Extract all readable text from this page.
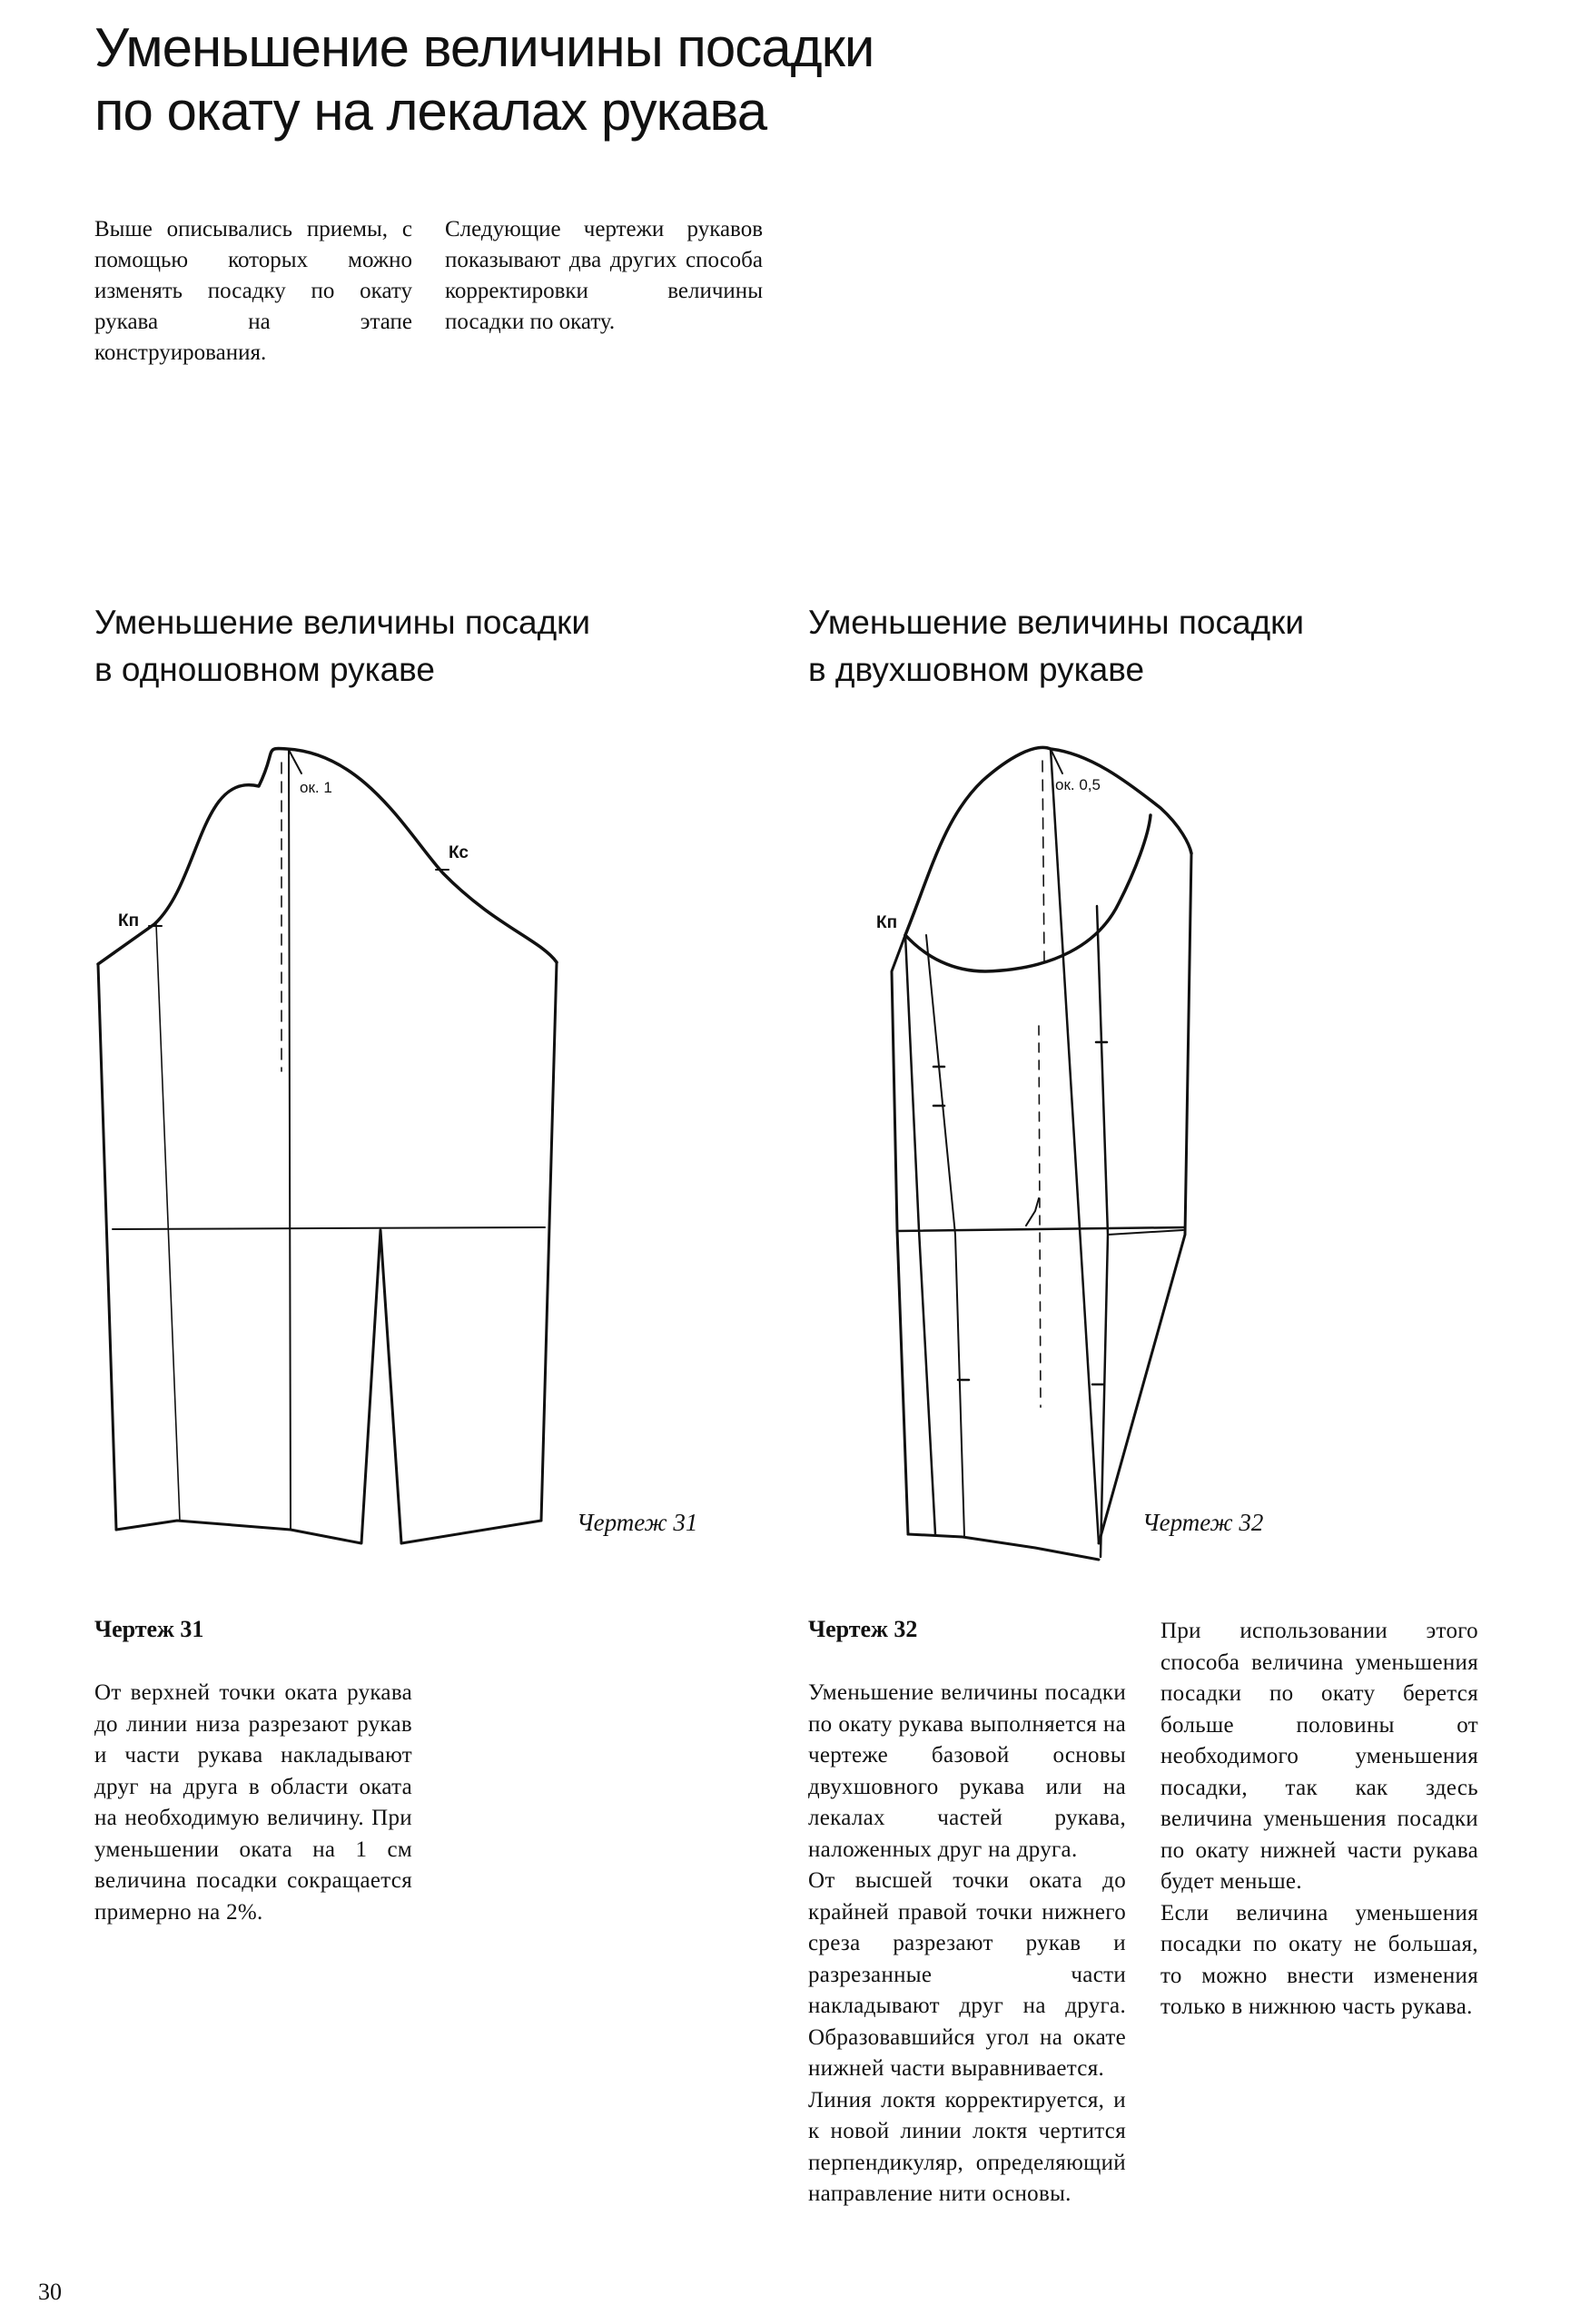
Уменьшение величины посадки
по окату на лекалах рукава
Выше описывались приемы, с помощью которых можно изменять посадку по окату рукава на этапе конструирования.
Следующие чертежи рукавов показывают два других способа корректировки величины посадки по окату.
Уменьшение величины посадки
в одношовном рукаве
Уменьшение величины посадки
в двухшовном рукаве
ок. 1
Кп
Кс
Чертеж 31
ок. 0,5
Кп
Чертеж 32
Чертеж 31
От верхней точки оката рукава до линии низа разрезают рукав и части рукава накладывают друг на друга в области оката на необходимую величину. При уменьшении оката на 1 см величина посадки сокращается примерно на 2%.
Чертеж 32

Уменьшение величины посадки по окату рукава выполняется на чертеже базовой основы двухшовного рукава или на лекалах частей рукава, наложенных друг на друга.

От высшей точки оката до крайней правой точки нижнего среза разрезают рукав и разрезанные части накладывают друг на друга. Образовавшийся угол на окате нижней части выравнивается.

Линия локтя корректируется, и к новой линии локтя чертится перпендикуляр, определяющий направление нити основы.

При использовании этого способа величина уменьшения посадки по окату берется больше половины от необходимого уменьшения посадки, так как здесь величина уменьшения посадки по окату нижней части рукава будет меньше.

Если величина уменьшения посадки по окату не большая, то можно внести изменения только в нижнюю часть рукава.

30
